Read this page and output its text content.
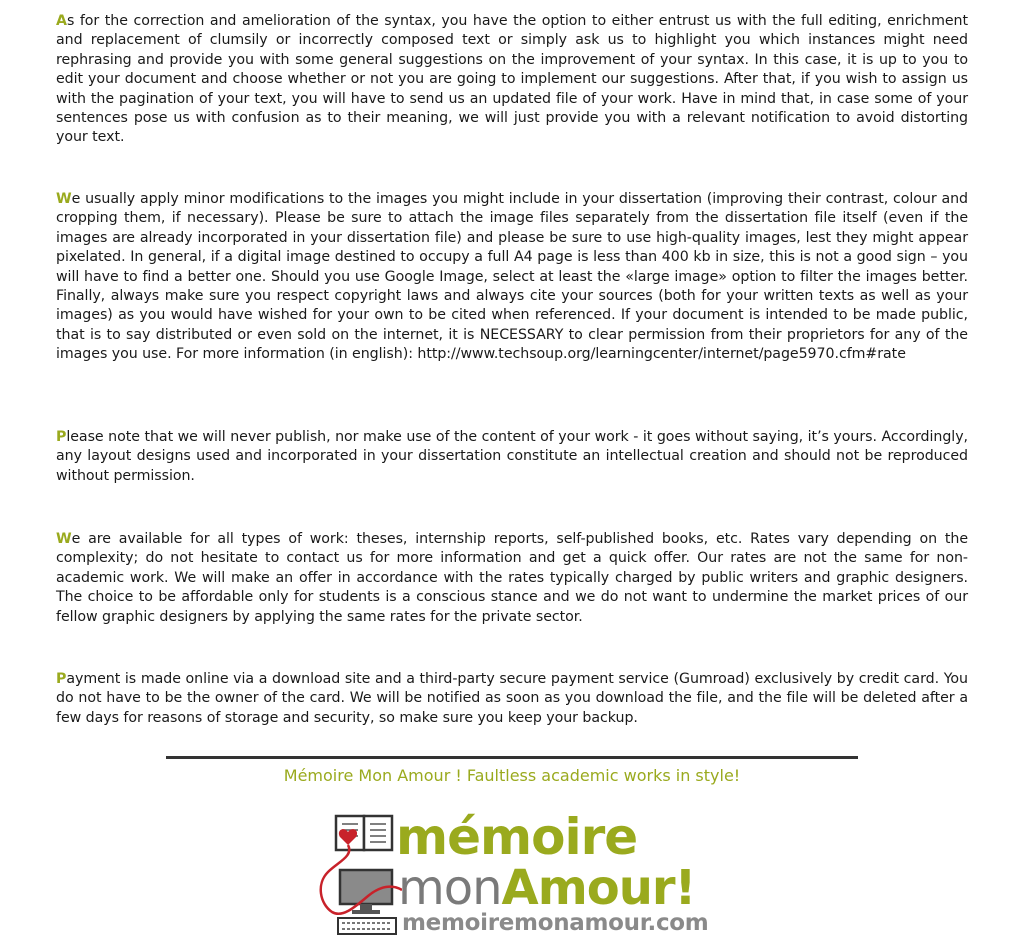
As for the correction and amelioration of the syntax, you have the option to either entrust us with the full editing, enrichment and replacement of clumsily or incorrectly composed text or simply ask us to highlight you which instances might need rephrasing and provide you with some general suggestions on the improvement of your syntax. In this case, it is up to you to edit your document and choose whether or not you are going to implement our suggestions. After that, if you wish to assign us with the pagination of your text, you will have to send us an updated file of your work. Have in mind that, in case some of your sentences pose us with confusion as to their meaning, we will just provide you with a relevant notification to avoid distorting your text.

We usually apply minor modifications to the images you might include in your dissertation (improving their contrast, colour and cropping them, if necessary). Please be sure to attach the image files separately from the dissertation file itself (even if the images are already incorporated in your dissertation file) and please be sure to use high-quality images, lest they might appear pixelated. In general, if a digital image destined to occupy a full A4 page is less than 400 kb in size, this is not a good sign – you will have to find a better one. Should you use Google Image, select at least the «large image» option to filter the images better. Finally, always make sure you respect copyright laws and always cite your sources (both for your written texts as well as your images) as you would have wished for your own to be cited when referenced. If your document is intended to be made public, that is to say distributed or even sold on the internet, it is NECESSARY to clear permission from their proprietors for any of the images you use. For more information (in english): http://www.techsoup.org/learningcenter/internet/page5970.cfm#rate

Please note that we will never publish, nor make use of the content of your work - it goes without saying, it’s yours. Accordingly, any layout designs used and incorporated in your dissertation constitute an intellectual creation and should not be reproduced without permission.

We are available for all types of work: theses, internship reports, self-published books, etc. Rates vary depending on the complexity; do not hesitate to contact us for more information and get a quick offer. Our rates are not the same for non-academic work. We will make an offer in accordance with the rates typically charged by public writers and graphic designers. The choice to be affordable only for students is a conscious stance and we do not want to undermine the market prices of our fellow graphic designers by applying the same rates for the private sector.

Payment is made online via a download site and a third-party secure payment service (Gumroad) exclusively by credit card. You do not have to be the owner of the card. We will be notified as soon as you download the file, and the file will be deleted after a few days for reasons of storage and security, so make sure you keep your backup.

Mémoire Mon Amour ! Faultless academic works in style!
mémoire
monAmour!
memoiremonamour.com
